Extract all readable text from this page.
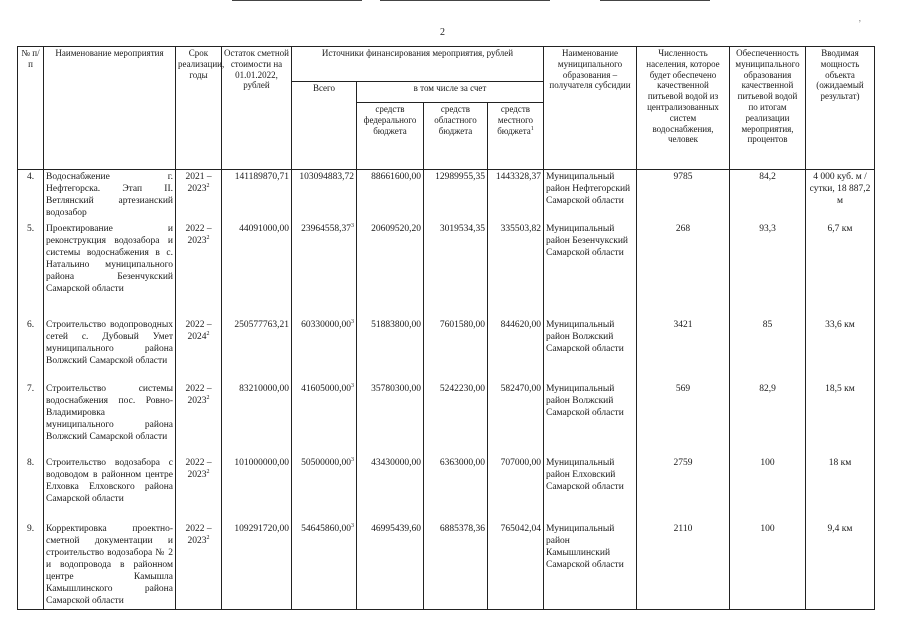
,
2
№ п/п	Наименование мероприятия	Срок реализации, годы	Остаток сметной стоимости на 01.01.2022, рублей	Источники финансирования мероприятия, рублей				Наименование муниципального образования – получателя субсидии	Численность населения, которое будет обеспечено качественной питьевой водой из централизованных систем водоснабжения, человек	Обеспеченность муниципального образования качественной питьевой водой по итогам реализации мероприятия, процентов	Вводимая мощность объекта (ожидаемый результат)
				Всего	в том числе за счет						
					средств федерального бюджета	средств областного бюджета	средств местного бюджета$^1$
4.	Водоснабжение г. Нефтегорска. Этап II. Ветлянский артезианский водозабор	2021 – 2023$^2$	141189870,71	103094883,72	88661600,00	12989955,35	1443328,37	Муниципальный район Нефтегорский Самарской области	9785	84,2	4 000 куб. м / сутки, 18 887,2 м
5.	Проектирование и реконструкция водозабора и системы водоснабжения в с. Натальино муниципального района Безенчукский Самарской области	2022 – 2023$^2$	44091000,00	23964558,37$^3$	20609520,20	3019534,35	335503,82	Муниципальный район Безенчукский Самарской области	268	93,3	6,7 км
6.	Строительство водопроводных сетей с. Дубовый Умет муниципального района Волжский Самарской области	2022 – 2024$^2$	250577763,21	60330000,00$^3$	51883800,00	7601580,00	844620,00	Муниципальный район Волжский Самарской области	3421	85	33,6 км
7.	Строительство системы водоснабжения пос. Ровно-Владимировка муниципального района Волжский Самарской области	2022 – 2023$^2$	83210000,00	41605000,00$^3$	35780300,00	5242230,00	582470,00	Муниципальный район Волжский Самарской области	569	82,9	18,5 км
8.	Строительство водозабора с водоводом в районном центре Елховка Елховского района Самарской области	2022 – 2023$^2$	101000000,00	50500000,00$^3$	43430000,00	6363000,00	707000,00	Муниципальный район Елховский Самарской области	2759	100	18 км
9.	Корректировка проектно-сметной документации и строительство водозабора № 2 и водопровода в районном центре Камышла Камышлинского района Самарской области	2022 – 2023$^2$	109291720,00	54645860,00$^3$	46995439,60	6885378,36	765042,04	Муниципальный район Камышлинский Самарской области	2110	100	9,4 км
